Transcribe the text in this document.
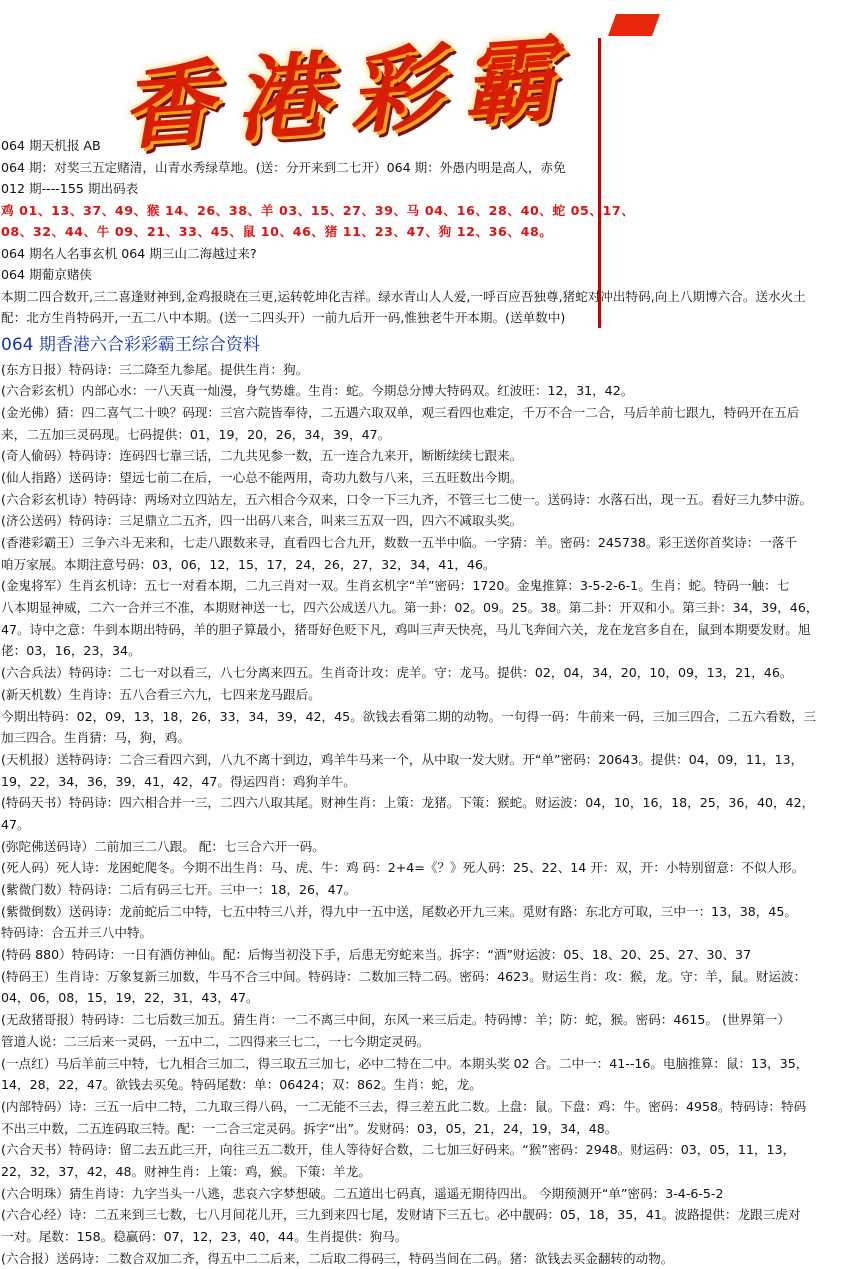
香港彩霸
064 期天机报 AB
064 期：对奖三五定赌清，山青水秀绿草地。(送：分开来到二七开）064 期：外愚内明是高人，赤免
012 期----155 期出码表
鸡 01、13、37、49、猴 14、26、38、羊 03、15、27、39、马 04、16、28、40、蛇 05、17、
08、32、44、牛 09、21、33、45、鼠 10、46、猪 11、23、47、狗 12、36、48。
064 期名人名事玄机 064 期三山二海越过来?
064 期葡京赌侠
本期二四合数开,三二喜逢财神到,金鸡报晓在三更,运转乾坤化吉祥。绿水青山人人爱,一呼百应吾独尊,猪蛇对冲出特码,向上八期博六合。送水火土
配：北方生肖特码开,一五二八中本期。(送一二四头开）一前九后开一码,惟独老牛开本期。(送单数中)
064 期香港六合彩彩霸王综合资料
(东方日报）特码诗：三二降至九参尾。提供生肖：狗。
(六合彩玄机）内部心水：一八天真一灿漫，身气势雄。生肖：蛇。今期总分博大特码双。红波旺：12，31，42。
(金光佛）猜：四二喜气二十映？码现：三宫六院皆奉待，二五遇六取双单，观三看四也难定，千万不合一二合，马后羊前七跟九，特码开在五后
来，二五加三灵码现。七码提供：01，19，20，26，34，39，47。
(奇人偷码）特码诗：连码四七靠三话，二九共见参一数，五一连合九来开，断断续续七跟来。
(仙人指路）送码诗：望远七前二在后，一心总不能两用，奇功九数与八来，三五旺数出今期。
(六合彩玄机诗）特码诗：两场对立四站左，五六相合今双来，口令一下三九齐，不管三七二使一。送码诗：水落石出，现一五。看好三九梦中游。
(济公送码）特码诗：三足鼎立二五齐，四一出码八来合，叫来三五双一四，四六不减取头奖。
(香港彩霸王）三争六斗无来和，七走八跟数来寻，直看四七合九开，数数一五半中临。一字猜：羊。密码：245738。彩王送你首奖诗：一落千
咱万家展。本期注意号码：03，06，12，15，17，24，26，27，32，34，41，46。
(金鬼将军）生肖玄机诗：五七一对看本期，二九三肖对一双。生肖玄机字“羊”密码：1720。金鬼推算：3-5-2-6-1。生肖：蛇。特码一触：七
八本期显神威，二六一合并三不准，本期财神送一七，四六公成送八九。第一卦：02。09。25。38。第二卦：开双和小。第三卦：34，39，46，
47。诗中之意：牛到本期出特码，羊的胆子算最小，猪哥好色贬下凡，鸡叫三声天快亮，马儿飞奔间六关，龙在龙宫多自在，鼠到本期要发财。旭
佬：03，16，23，34。
(六合兵法）特码诗：二七一对以看三，八七分离来四五。生肖奇计攻：虎羊。守：龙马。提供：02，04，34，20，10，09，13，21，46。
(新天机数）生肖诗：五八合看三六九，七四来龙马跟后。
今期出特码：02，09，13，18，26，33，34，39，42，45。欲钱去看第二期的动物。一句得一码：牛前来一码，三加三四合，二五六看数，三
加三四合。生肖猜：马，狗，鸡。
(天机报）送特码诗：二合三看四六到，八九不离十到边，鸡羊牛马来一个，从中取一发大财。开“单”密码：20643。提供：04，09，11，13，
19，22，34，36，39，41，42，47。得运四肖：鸡狗羊牛。
(特码天书）特码诗：四六相合并一三，二四六八取其尾。财神生肖：上策：龙猪。下策：猴蛇。财运波：04，10，16，18，25，36，40，42，
47。
(弥陀佛送码诗）二前加三二八跟。 配：七三合六开一码。
(死人码）死人诗：龙困蛇爬冬。今期不出生肖：马、虎、牛：鸡 码：2+4=《？》死人码：25、22、14 开：双，开：小特别留意：不似人形。
(紫微门数）特码诗：二后有码三七开。三中一：18，26，47。
(紫微倒数）送码诗：龙前蛇后二中特，七五中特三八并，得九中一五中送，尾数必开九三来。觅财有路：东北方可取，三中一：13，38，45。
特码诗：合五并三八中特。
(特码 880）特码诗：一日有酒仿神仙。配：后悔当初没下手，后患无穷蛇来当。拆字：“酒”财运波：05、18、20、25、27、30、37
(特码王）生肖诗：万象复新三加数，牛马不合三中间。特码诗：二数加三特二码。密码：4623。财运生肖：攻：猴，龙。守：羊，鼠。财运波：
04，06，08，15，19，22，31，43，47。
(无敌猪哥报）特码诗：二七后数三加五。猜生肖：一二不离三中间，东风一来三后走。特码博：羊；防：蛇，猴。密码：4615。 (世界第一）
管道人说：二三后来一灵码，一五中二，二四得来三七二，一七今期定灵码。
(一点红）马后羊前三中特，七九相合三加二，得三取五三加七，必中二特在二中。本期头奖 02 合。二中一：41--16。电脑推算：鼠：13，35，
14，28，22，47。欲钱去买兔。特码尾数：单：06424；双：862。生肖：蛇，龙。
(内部特码）诗：三五一后中二特，二九取三得八码，一二无能不三去，得三差五此二数。上盘：鼠。下盘：鸡：牛。密码：4958。特码诗：特码
不出三中数，二五连码取三特。配：一二合三定灵码。拆字“出”。发财码：03，05，21，24，19，34，48。
(六合天书）特码诗：留二去五此三开，向往三五二数开，佳人等待好合数，二七加三好码来。“猴”密码：2948。财运码：03，05，11，13，
22，32，37，42，48。财神生肖：上策：鸡，猴。下策：羊龙。
(六合明珠）猜生肖诗：九字当头一八逃，悲哀六字梦想破。二五道出七码真，遥遥无期待四出。 今期预测开“单”密码：3-4-6-5-2
(六合心经）诗：二五来到三七数，七八月间花儿开，三九到来四七尾，发财请下三五七。必中靓码：05，18，35，41。波路提供：龙跟三虎对
一对。尾数：158。稳赢码：07，12，23，40，44。生肖提供：狗马。
(六合报）送码诗：二数合双加二齐，得五中二二后来，二后取二得码三，特码当间在二码。猪：欲钱去买金翻转的动物。
